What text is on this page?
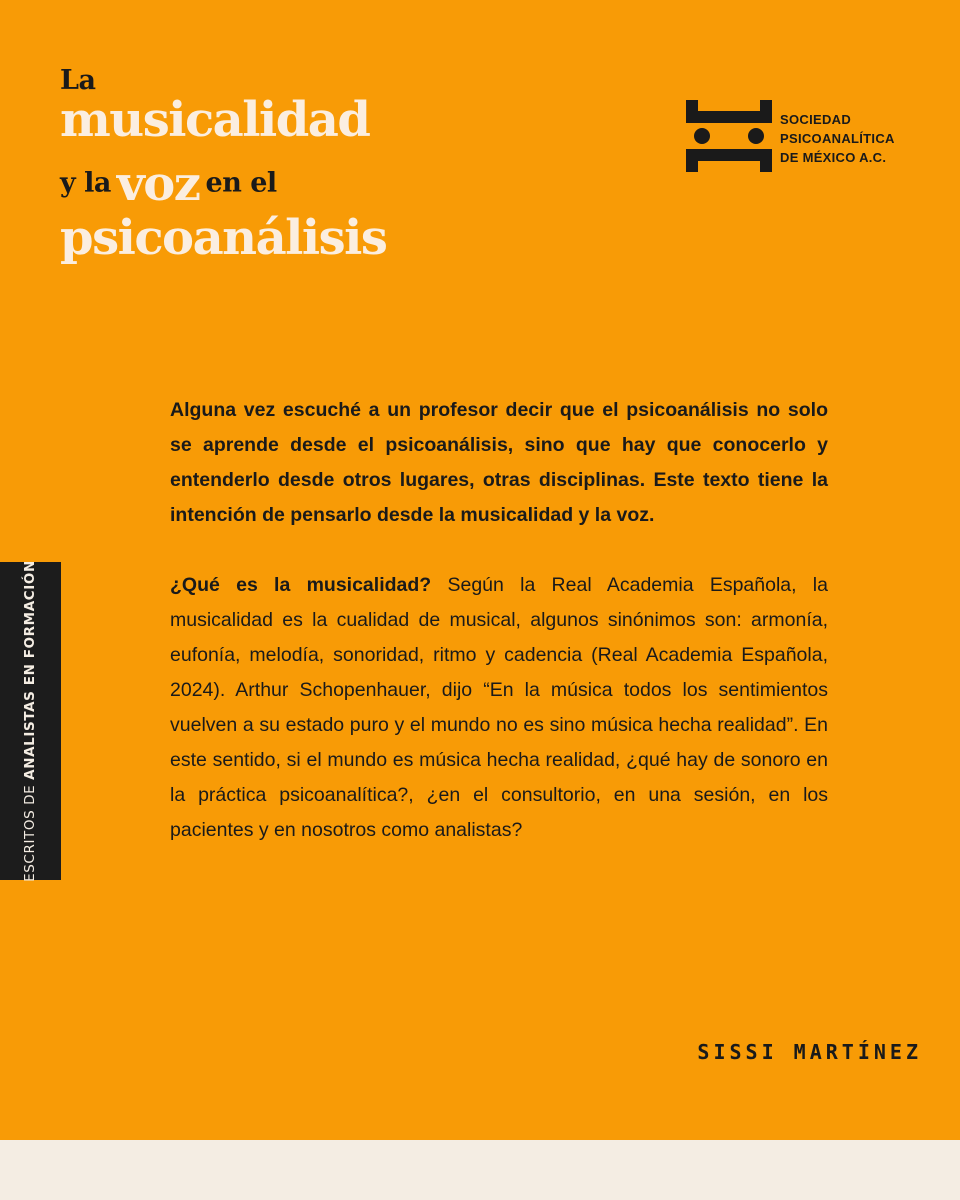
La
musicalidad
y la voz en el
psicoanálisis
SOCIEDAD
PSICOANALÍTICA
DE MÉXICO A.C.
ESCRITOS DE ANALISTAS EN FORMACIÓN

Alguna vez escuché a un profesor decir que el psicoanálisis no solo se aprende desde el psicoanálisis, sino que hay que conocerlo y entenderlo desde otros lugares, otras disciplinas. Este texto tiene la intención de pensarlo desde la musicalidad y la voz.

¿Qué es la musicalidad? Según la Real Academia Española, la musicalidad es la cualidad de musical, algunos sinónimos son: armonía, eufonía, melodía, sonoridad, ritmo y cadencia (Real Academia Española, 2024). Arthur Schopenhauer, dijo “En la música todos los sentimientos vuelven a su estado puro y el mundo no es sino música hecha realidad”. En este sentido, si el mundo es música hecha realidad, ¿qué hay de sonoro en la práctica psicoanalítica?, ¿en el consultorio, en una sesión, en los pacientes y en nosotros como analistas?

SISSI MARTÍNEZ
